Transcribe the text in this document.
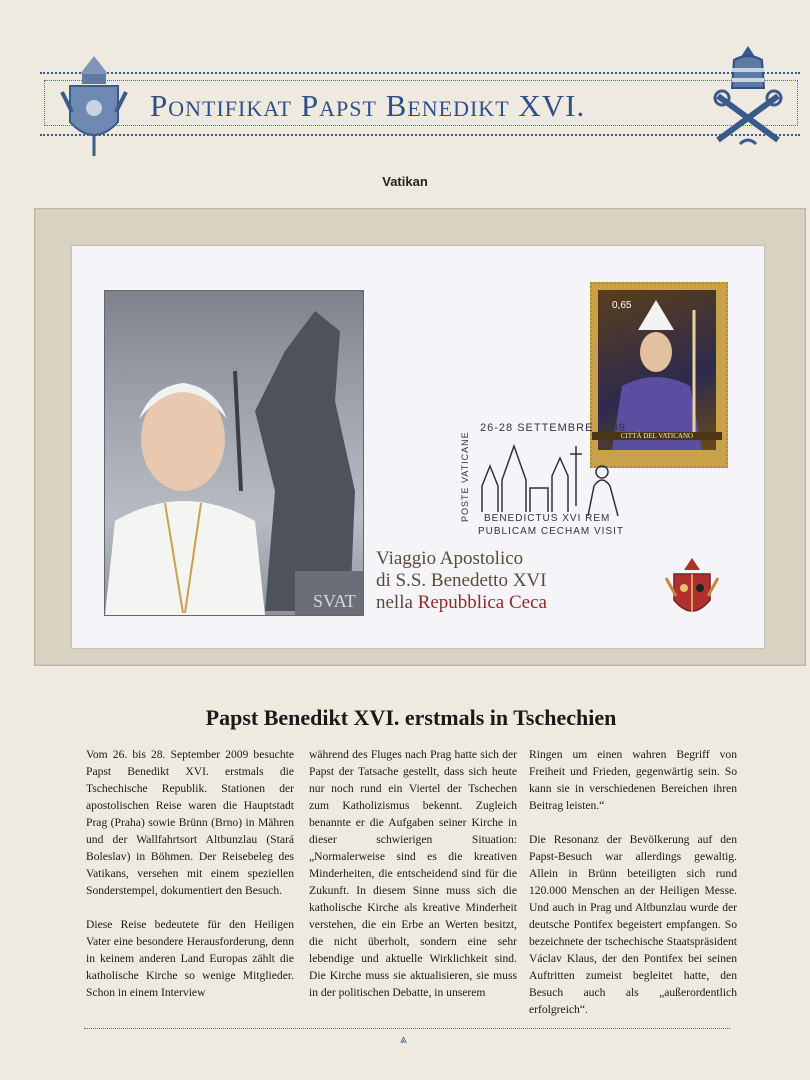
Pontifikat Papst Benedikt XVI.
Vatikan
SVAT
0,65
CITTÀ DEL VATICANO
26-28 SETTEMBRE 2009
POSTE VATICANE BENEDICTUS XVI REM
PUBLICAM CECHAM VISIT
Viaggio Apostolico
di S.S. Benedetto XVI
nella Repubblica Ceca
Papst Benedikt XVI. erstmals in Tschechien

Vom 26. bis 28. September 2009 besuchte Papst Benedikt XVI. erstmals die Tschechische Republik. Stationen der apostolischen Reise waren die Hauptstadt Prag (Praha) sowie Brünn (Brno) in Mähren und der Wallfahrtsort Altbunzlau (Stará Boleslav) in Böhmen. Der Reisebeleg des Vatikans, versehen mit einem speziellen Sonderstempel, dokumentiert den Besuch.

Diese Reise bedeutete für den Heiligen Vater eine besondere Herausforderung, denn in keinem anderen Land Europas zählt die katholische Kirche so wenige Mitglieder. Schon in einem Interview

während des Fluges nach Prag hatte sich der Papst der Tatsache gestellt, dass sich heute nur noch rund ein Viertel der Tschechen zum Katholizismus bekennt. Zugleich benannte er die Aufgaben seiner Kirche in dieser schwierigen Situation: „Normalerweise sind es die kreativen Minderheiten, die entscheidend sind für die Zukunft. In diesem Sinne muss sich die katholische Kirche als kreative Minderheit verstehen, die ein Erbe an Werten besitzt, die nicht überholt, sondern eine sehr lebendige und aktuelle Wirklichkeit sind. Die Kirche muss sie aktualisieren, sie muss in der politischen Debatte, in unserem

Ringen um einen wahren Begriff von Freiheit und Frieden, gegenwärtig sein. So kann sie in verschiedenen Bereichen ihren Beitrag leisten.“

Die Resonanz der Bevölkerung auf den Papst-Besuch war allerdings gewaltig. Allein in Brünn beteiligten sich rund 120.000 Menschen an der Heiligen Messe. Und auch in Prag und Altbunzlau wurde der deutsche Pontifex begeistert empfangen. So bezeichnete der tschechische Staatspräsident Václav Klaus, der den Pontifex bei seinen Auftritten zumeist begleitet hatte, den Besuch auch als „außerordentlich erfolgreich“.

⩓
